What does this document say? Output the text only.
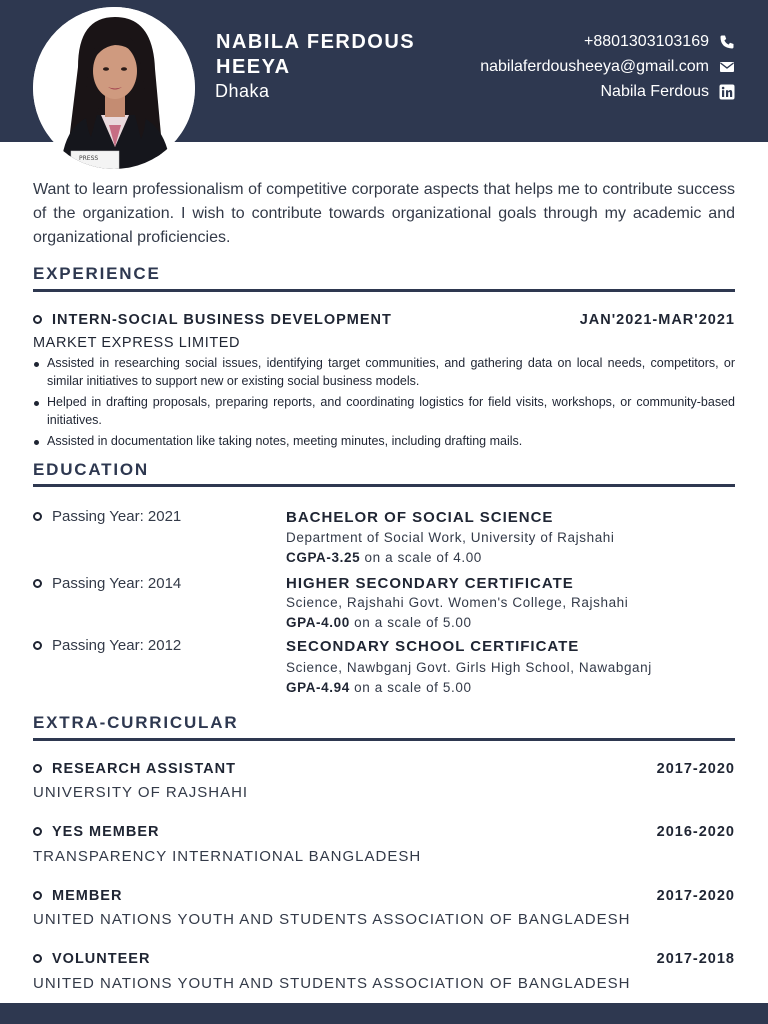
PRESS
NABILA FERDOUS HEEYA
Dhaka
+8801303103169
nabilaferdousheeya@gmail.com
Nabila Ferdous

Want to learn professionalism of competitive corporate aspects that helps me to contribute success of the organization. I wish to contribute towards organizational goals through my academic and organizational proficiencies.

EXPERIENCE
INTERN-SOCIAL BUSINESS DEVELOPMENT	JAN'2021-MAR'2021
MARKET EXPRESS LIMITED
Assisted in researching social issues, identifying target communities, and gathering data on local needs, competitors, or similar initiatives to support new or existing social business models.
Helped in drafting proposals, preparing reports, and coordinating logistics for field visits, workshops, or community-based initiatives.
Assisted in documentation like taking notes, meeting minutes, including drafting mails.
EDUCATION
Passing Year: 2021	BACHELOR OF SOCIAL SCIENCE
Department of Social Work, University of Rajshahi
CGPA-3.25 on a scale of 4.00
Passing Year: 2014	HIGHER SECONDARY CERTIFICATE
Science, Rajshahi Govt. Women's College, Rajshahi
GPA-4.00 on a scale of 5.00
Passing Year: 2012	SECONDARY SCHOOL CERTIFICATE
Science, Nawbganj Govt. Girls High School, Nawabganj
GPA-4.94 on a scale of 5.00
EXTRA-CURRICULAR
RESEARCH ASSISTANT	2017-2020
UNIVERSITY OF RAJSHAHI
YES MEMBER	2016-2020
TRANSPARENCY INTERNATIONAL BANGLADESH
MEMBER	2017-2020
UNITED NATIONS YOUTH AND STUDENTS ASSOCIATION OF BANGLADESH
VOLUNTEER	2017-2018
UNITED NATIONS YOUTH AND STUDENTS ASSOCIATION OF BANGLADESH
